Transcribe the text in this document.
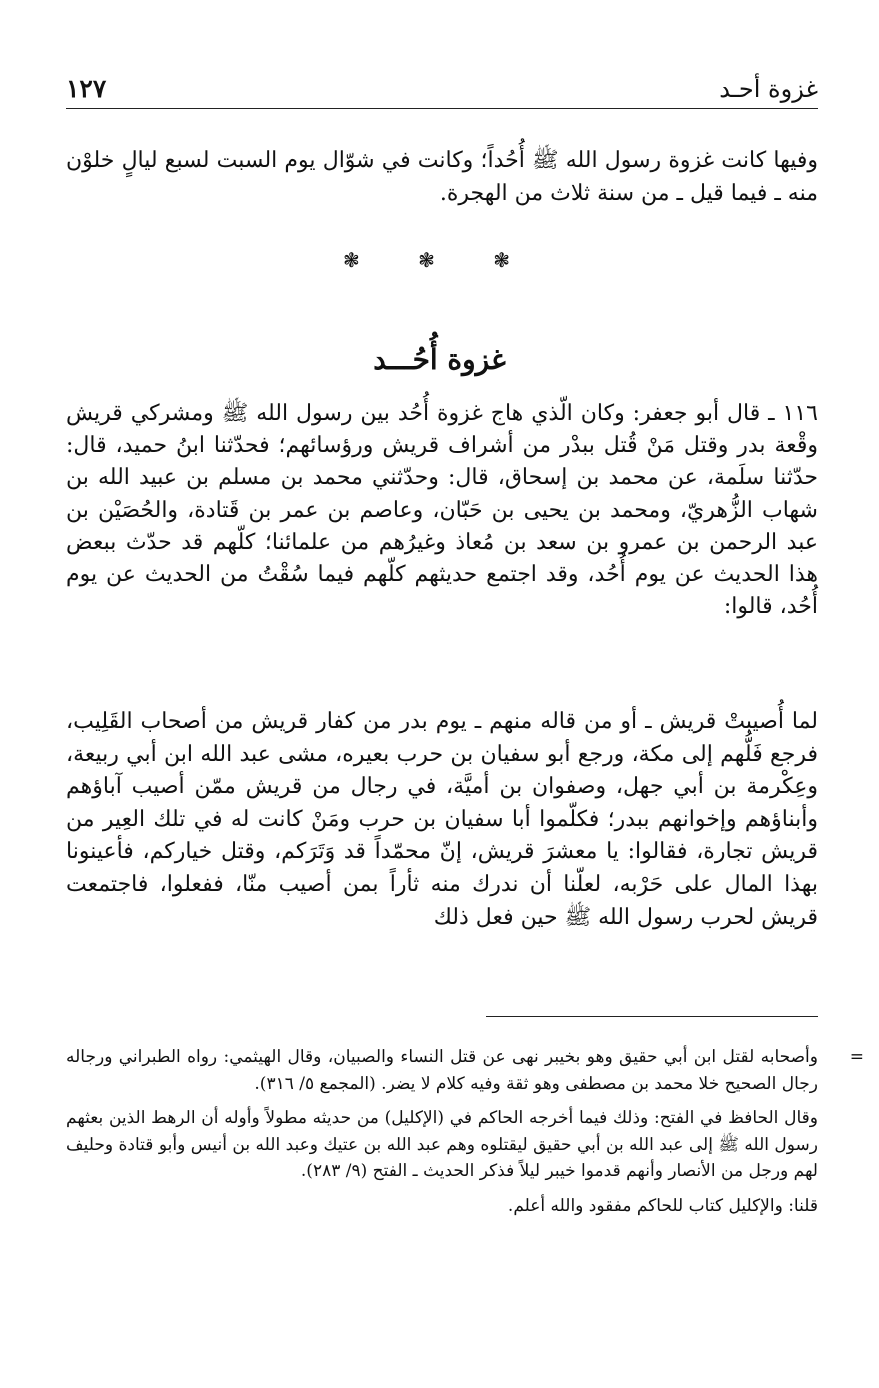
غزوة أحـد
١٢٧

وفيها كانت غزوة رسول الله ﷺ أُحُداً؛ وكانت في شوّال يوم السبت لسبع ليالٍ خلوْن منه ـ فيما قيل ـ من سنة ثلاث من الهجرة.

❃ ❃ ❃
غزوة أُحُـــد

١١٦ ـ قال أبو جعفر: وكان الّذي هاج غزوة أُحُد بين رسول الله ﷺ ومشركي قريش وقْعة بدر وقتل مَنْ قُتل ببدْر من أشراف قريش ورؤسائهم؛ فحدّثنا ابنُ حميد، قال: حدّثنا سلَمة، عن محمد بن إسحاق، قال: وحدّثني محمد بن مسلم بن عبيد الله بن شهاب الزُّهريّ، ومحمد بن يحيى بن حَبّان، وعاصم بن عمر بن قَتادة، والحُصَيْن بن عبد الرحمن بن عمرو بن سعد بن مُعاذ وغيرُهم من علمائنا؛ كلّهم قد حدّث ببعض هذا الحديث عن يوم أُحُد، وقد اجتمع حديثهم كلّهم فيما سُقْتُ من الحديث عن يوم أُحُد، قالوا:

لما أُصيبتْ قريش ـ أو من قاله منهم ـ يوم بدر من كفار قريش من أصحاب القَلِيب، فرجع فَلُّهم إلى مكة، ورجع أبو سفيان بن حرب بعيره، مشى عبد الله ابن أبي ربيعة، وعِكْرمة بن أبي جهل، وصفوان بن أميَّة، في رجال من قريش ممّن أصيب آباؤهم وأبناؤهم وإخوانهم ببدر؛ فكلّموا أبا سفيان بن حرب ومَنْ كانت له في تلك العِير من قريش تجارة، فقالوا: يا معشرَ قريش، إنّ محمّداً قد وَتَرَكم، وقتل خياركم، فأعينونا بهذا المال على حَرْبه، لعلّنا أن ندرك منه ثأراً بمن أصيب منّا، ففعلوا، فاجتمعت قريش لحرب رسول الله ﷺ حين فعل ذلك

=

وأصحابه لقتل ابن أبي حقيق وهو بخيبر نهى عن قتل النساء والصبيان، وقال الهيثمي: رواه الطبراني ورجاله رجال الصحيح خلا محمد بن مصطفى وهو ثقة وفيه كلام لا يضر. (المجمع ٥/ ٣١٦).

وقال الحافظ في الفتح: وذلك فيما أخرجه الحاكم في (الإكليل) من حديثه مطولاً وأوله أن الرهط الذين بعثهم رسول الله ﷺ إلى عبد الله بن أبي حقيق ليقتلوه وهم عبد الله بن عتيك وعبد الله بن أنيس وأبو قتادة وحليف لهم ورجل من الأنصار وأنهم قدموا خيبر ليلاً فذكر الحديث ـ الفتح (٩/ ٢٨٣).

قلنا: والإكليل كتاب للحاكم مفقود والله أعلم.
